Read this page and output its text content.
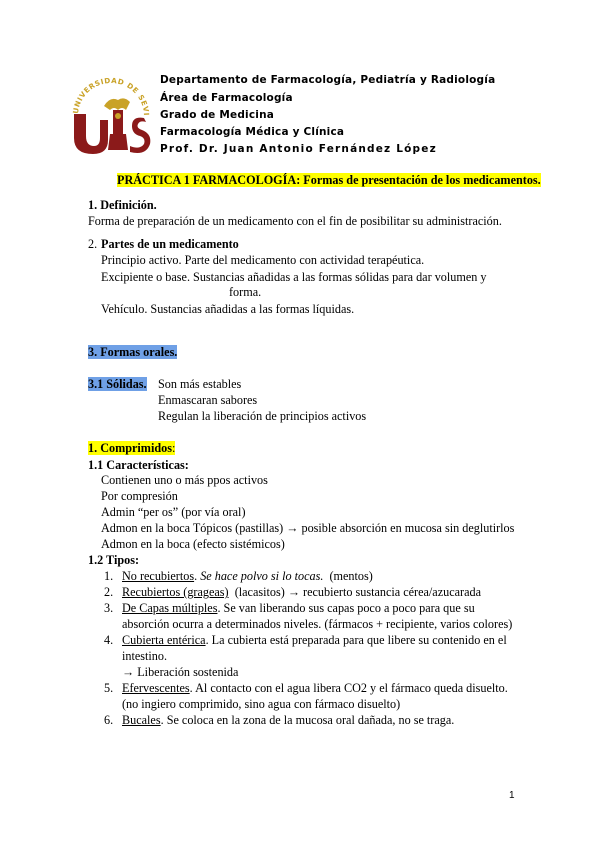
UNIVERSIDAD DE SEVI
Departamento de Farmacología, Pediatría y Radiología
Área de Farmacología
Grado de Medicina
Farmacología Médica y Clínica
Prof. Dr. Juan Antonio Fernández López
PRÁCTICA 1 FARMACOLOGÍA: Formas de presentación de los medicamentos.
1. Definición.
Forma de preparación de un medicamento con el fin de posibilitar su administración.
2. Partes de un medicamento
Principio activo. Parte del medicamento con actividad terapéutica.
Excipiente o base. Sustancias añadidas a las formas sólidas para dar volumen y
forma.
Vehículo. Sustancias añadidas a las formas líquidas.
3. Formas orales.
3.1 Sólidas. Son más estables
Enmascaran sabores
Regulan la liberación de principios activos
1. Comprimidos:
1.1 Características:
Contienen uno o más ppos activos
Por compresión
Admin “per os” (por vía oral)
Admon en la boca Tópicos (pastillas) → posible absorción en mucosa sin deglutirlos
Admon en la boca (efecto sistémicos)
1.2 Tipos:
1. No recubiertos. Se hace polvo si lo tocas. (mentos)
2. Recubiertos (grageas) (lacasitos) → recubierto sustancia cérea/azucarada
3. De Capas múltiples. Se van liberando sus capas poco a poco para que su
absorción ocurra a determinados niveles. (fármacos + recipiente, varios colores)
4. Cubierta entérica. La cubierta está preparada para que libere su contenido en el
intestino.
→ Liberación sostenida
5. Efervescentes. Al contacto con el agua libera CO2 y el fármaco queda disuelto.
(no ingiero comprimido, sino agua con fármaco disuelto)
6. Bucales. Se coloca en la zona de la mucosa oral dañada, no se traga.
1
